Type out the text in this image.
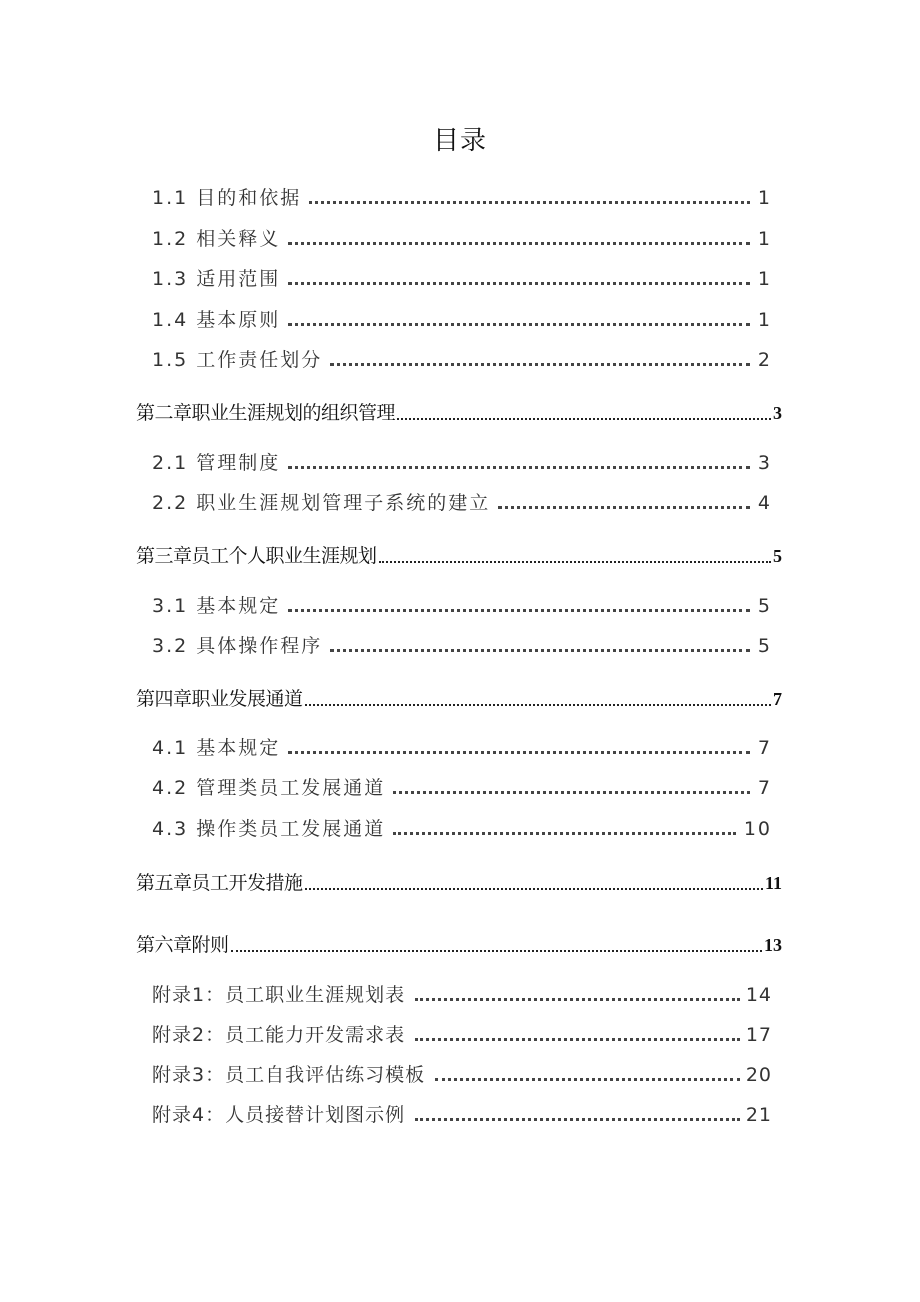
目录
1.1 目的和依据	1
1.2 相关释义	1
1.3 适用范围	1
1.4 基本原则	1
1.5 工作责任划分	2
第二章职业生涯规划的组织管理	3
2.1 管理制度	3
2.2 职业生涯规划管理子系统的建立	4
第三章员工个人职业生涯规划	5
3.1 基本规定	5
3.2 具体操作程序	5
第四章职业发展通道	7
4.1 基本规定	7
4.2 管理类员工发展通道	7
4.3 操作类员工发展通道	10
第五章员工开发措施	11
第六章附则	13
附录1：员工职业生涯规划表	14
附录2：员工能力开发需求表	17
附录3：员工自我评估练习模板	20
附录4：人员接替计划图示例	21
